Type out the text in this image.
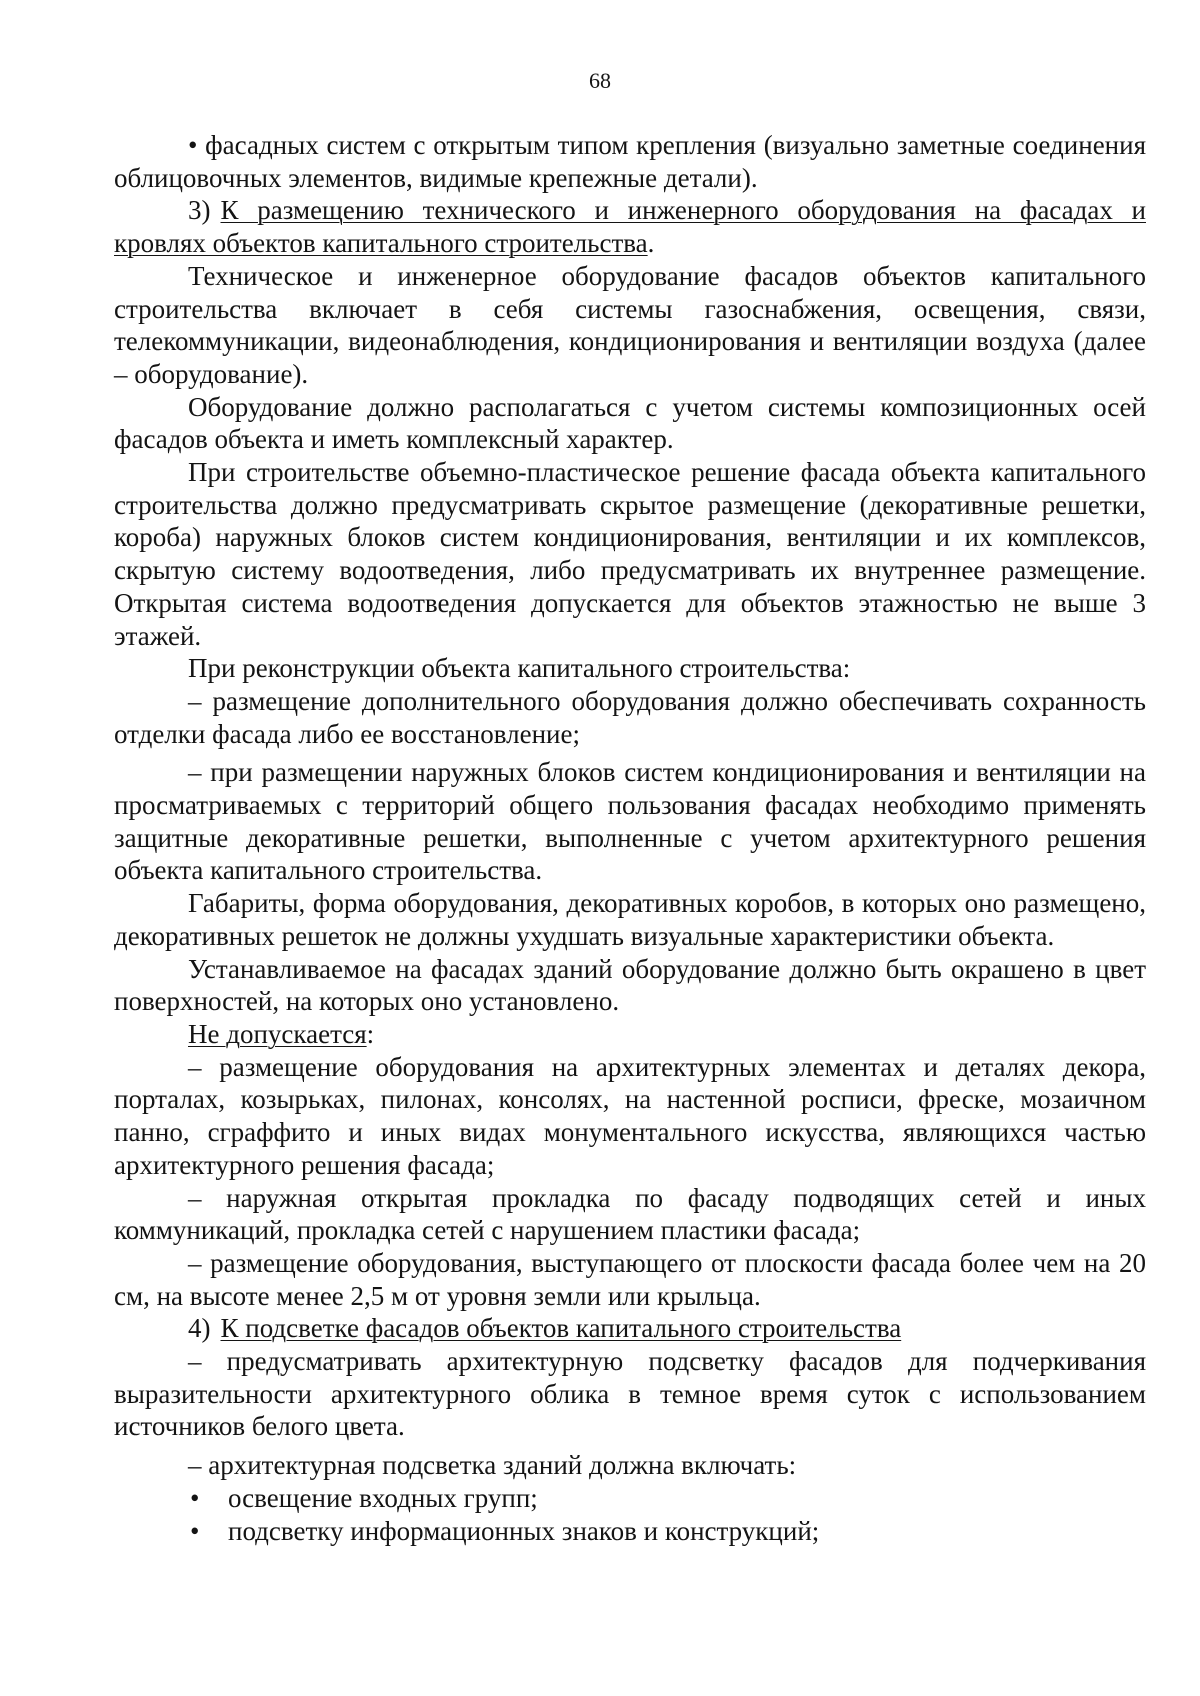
68

• фасадных систем с открытым типом крепления (визуально заметные соединения облицовочных элементов, видимые крепежные детали).

3) К размещению технического и инженерного оборудования на фасадах и кровлях объектов капитального строительства.

Техническое и инженерное оборудование фасадов объектов капитального строительства включает в себя системы газоснабжения, освещения, связи, телекоммуникации, видеонаблюдения, кондиционирования и вентиляции воздуха (далее – оборудование).

Оборудование должно располагаться с учетом системы композиционных осей фасадов объекта и иметь комплексный характер.

При строительстве объемно-пластическое решение фасада объекта капитального строительства должно предусматривать скрытое размещение (декоративные решетки, короба) наружных блоков систем кондиционирования, вентиляции и их комплексов, скрытую систему водоотведения, либо предусматривать их внутреннее размещение. Открытая система водоотведения допускается для объектов этажностью не выше 3 этажей.

При реконструкции объекта капитального строительства:

– размещение дополнительного оборудования должно обеспечивать сохранность отделки фасада либо ее восстановление;

– при размещении наружных блоков систем кондиционирования и вентиляции на просматриваемых с территорий общего пользования фасадах необходимо применять защитные декоративные решетки, выполненные с учетом архитектурного решения объекта капитального строительства.

Габариты, форма оборудования, декоративных коробов, в которых оно размещено, декоративных решеток не должны ухудшать визуальные характеристики объекта.

Устанавливаемое на фасадах зданий оборудование должно быть окрашено в цвет поверхностей, на которых оно установлено.

Не допускается:

– размещение оборудования на архитектурных элементах и деталях декора, порталах, козырьках, пилонах, консолях, на настенной росписи, фреске, мозаичном панно, сграффито и иных видах монументального искусства, являющихся частью архитектурного решения фасада;

– наружная открытая прокладка по фасаду подводящих сетей и иных коммуникаций, прокладка сетей с нарушением пластики фасада;

– размещение оборудования, выступающего от плоскости фасада более чем на 20 см, на высоте менее 2,5 м от уровня земли или крыльца.

4) К подсветке фасадов объектов капитального строительства

– предусматривать архитектурную подсветку фасадов для подчеркивания выразительности архитектурного облика в темное время суток с использованием источников белого цвета.

– архитектурная подсветка зданий должна включать:

• освещение входных групп;

• подсветку информационных знаков и конструкций;
